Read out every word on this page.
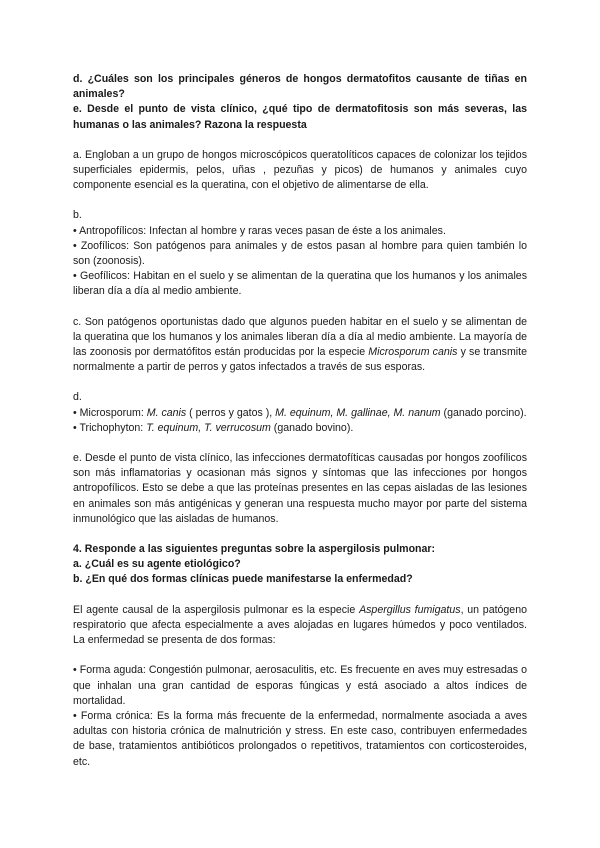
d. ¿Cuáles son los principales géneros de hongos dermatofitos causante de tiñas en animales?

e. Desde el punto de vista clínico, ¿qué tipo de dermatofitosis son más severas, las humanas o las animales? Razona la respuesta

a. Engloban a un grupo de hongos microscópicos queratolíticos capaces de colonizar los tejidos superficiales epidermis, pelos, uñas , pezuñas y picos) de humanos y animales cuyo componente esencial es la queratina, con el objetivo de alimentarse de ella.

b.

• Antropofílicos: Infectan al hombre y raras veces pasan de éste a los animales.

• Zoofílicos: Son patógenos para animales y de estos pasan al hombre para quien también lo son (zoonosis).

• Geofílicos: Habitan en el suelo y se alimentan de la queratina que los humanos y los animales liberan día a día al medio ambiente.

c. Son patógenos oportunistas dado que algunos pueden habitar en el suelo y se alimentan de la queratina que los humanos y los animales liberan día a día al medio ambiente. La mayoría de las zoonosis por dermatófitos están producidas por la especie Microsporum canis y se transmite normalmente a partir de perros y gatos infectados a través de sus esporas.

d.

• Microsporum: M. canis ( perros y gatos ), M. equinum, M. gallinae, M. nanum (ganado porcino).

• Trichophyton: T. equinum, T. verrucosum (ganado bovino).

e. Desde el punto de vista clínico, las infecciones dermatofíticas causadas por hongos zoofílicos son más inflamatorias y ocasionan más signos y síntomas que las infecciones por hongos antropofílicos. Esto se debe a que las proteínas presentes en las cepas aisladas de las lesiones en animales son más antigénicas y generan una respuesta mucho mayor por parte del sistema inmunológico que las aisladas de humanos.

4. Responde a las siguientes preguntas sobre la aspergilosis pulmonar:

a. ¿Cuál es su agente etiológico?

b. ¿En qué dos formas clínicas puede manifestarse la enfermedad?

El agente causal de la aspergilosis pulmonar es la especie Aspergillus fumigatus, un patógeno respiratorio que afecta especialmente a aves alojadas en lugares húmedos y poco ventilados. La enfermedad se presenta de dos formas:

• Forma aguda: Congestión pulmonar, aerosaculitis, etc. Es frecuente en aves muy estresadas o que inhalan una gran cantidad de esporas fúngicas y está asociado a altos índices de mortalidad.

• Forma crónica: Es la forma más frecuente de la enfermedad, normalmente asociada a aves adultas con historia crónica de malnutrición y stress. En este caso, contribuyen enfermedades de base, tratamientos antibióticos prolongados o repetitivos, tratamientos con corticosteroides, etc.
